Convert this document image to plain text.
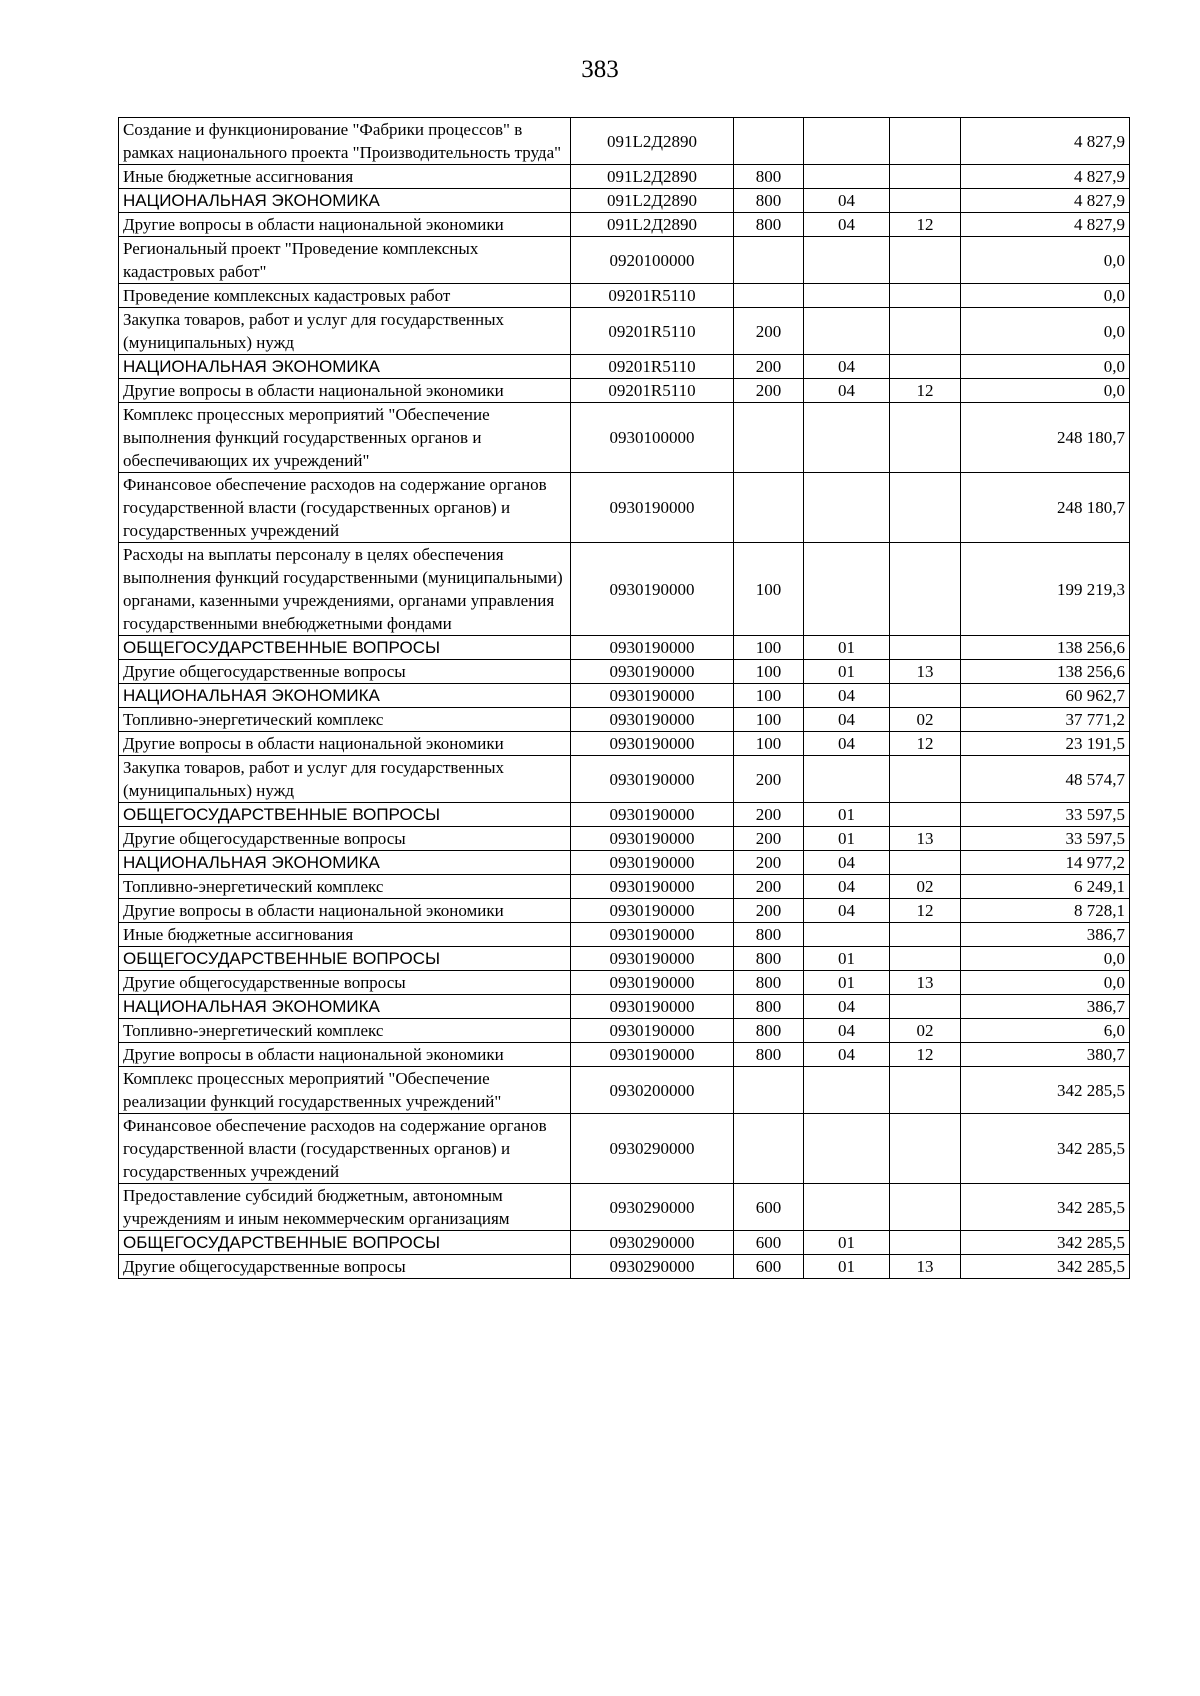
383
Создание и функционирование "Фабрики процессов" в рамках национального проекта "Производительность труда"	091L2Д2890				4 827,9
Иные бюджетные ассигнования	091L2Д2890	800			4 827,9
НАЦИОНАЛЬНАЯ ЭКОНОМИКА	091L2Д2890	800	04		4 827,9
Другие вопросы в области национальной экономики	091L2Д2890	800	04	12	4 827,9
Региональный проект "Проведение комплексных кадастровых работ"	0920100000				0,0
Проведение комплексных кадастровых работ	09201R5110				0,0
Закупка товаров, работ и услуг для государственных (муниципальных) нужд	09201R5110	200			0,0
НАЦИОНАЛЬНАЯ ЭКОНОМИКА	09201R5110	200	04		0,0
Другие вопросы в области национальной экономики	09201R5110	200	04	12	0,0
Комплекс процессных мероприятий "Обеспечение выполнения функций государственных органов и обеспечивающих их учреждений"	0930100000				248 180,7
Финансовое обеспечение расходов на содержание органов государственной власти (государственных органов) и государственных учреждений	0930190000				248 180,7
Расходы на выплаты персоналу в целях обеспечения выполнения функций государственными (муниципальными) органами, казенными учреждениями, органами управления государственными внебюджетными фондами	0930190000	100			199 219,3
ОБЩЕГОСУДАРСТВЕННЫЕ ВОПРОСЫ	0930190000	100	01		138 256,6
Другие общегосударственные вопросы	0930190000	100	01	13	138 256,6
НАЦИОНАЛЬНАЯ ЭКОНОМИКА	0930190000	100	04		60 962,7
Топливно-энергетический комплекс	0930190000	100	04	02	37 771,2
Другие вопросы в области национальной экономики	0930190000	100	04	12	23 191,5
Закупка товаров, работ и услуг для государственных (муниципальных) нужд	0930190000	200			48 574,7
ОБЩЕГОСУДАРСТВЕННЫЕ ВОПРОСЫ	0930190000	200	01		33 597,5
Другие общегосударственные вопросы	0930190000	200	01	13	33 597,5
НАЦИОНАЛЬНАЯ ЭКОНОМИКА	0930190000	200	04		14 977,2
Топливно-энергетический комплекс	0930190000	200	04	02	6 249,1
Другие вопросы в области национальной экономики	0930190000	200	04	12	8 728,1
Иные бюджетные ассигнования	0930190000	800			386,7
ОБЩЕГОСУДАРСТВЕННЫЕ ВОПРОСЫ	0930190000	800	01		0,0
Другие общегосударственные вопросы	0930190000	800	01	13	0,0
НАЦИОНАЛЬНАЯ ЭКОНОМИКА	0930190000	800	04		386,7
Топливно-энергетический комплекс	0930190000	800	04	02	6,0
Другие вопросы в области национальной экономики	0930190000	800	04	12	380,7
Комплекс процессных мероприятий "Обеспечение реализации функций государственных учреждений"	0930200000				342 285,5
Финансовое обеспечение расходов на содержание органов государственной власти (государственных органов) и государственных учреждений	0930290000				342 285,5
Предоставление субсидий бюджетным, автономным учреждениям и иным некоммерческим организациям	0930290000	600			342 285,5
ОБЩЕГОСУДАРСТВЕННЫЕ ВОПРОСЫ	0930290000	600	01		342 285,5
Другие общегосударственные вопросы	0930290000	600	01	13	342 285,5
